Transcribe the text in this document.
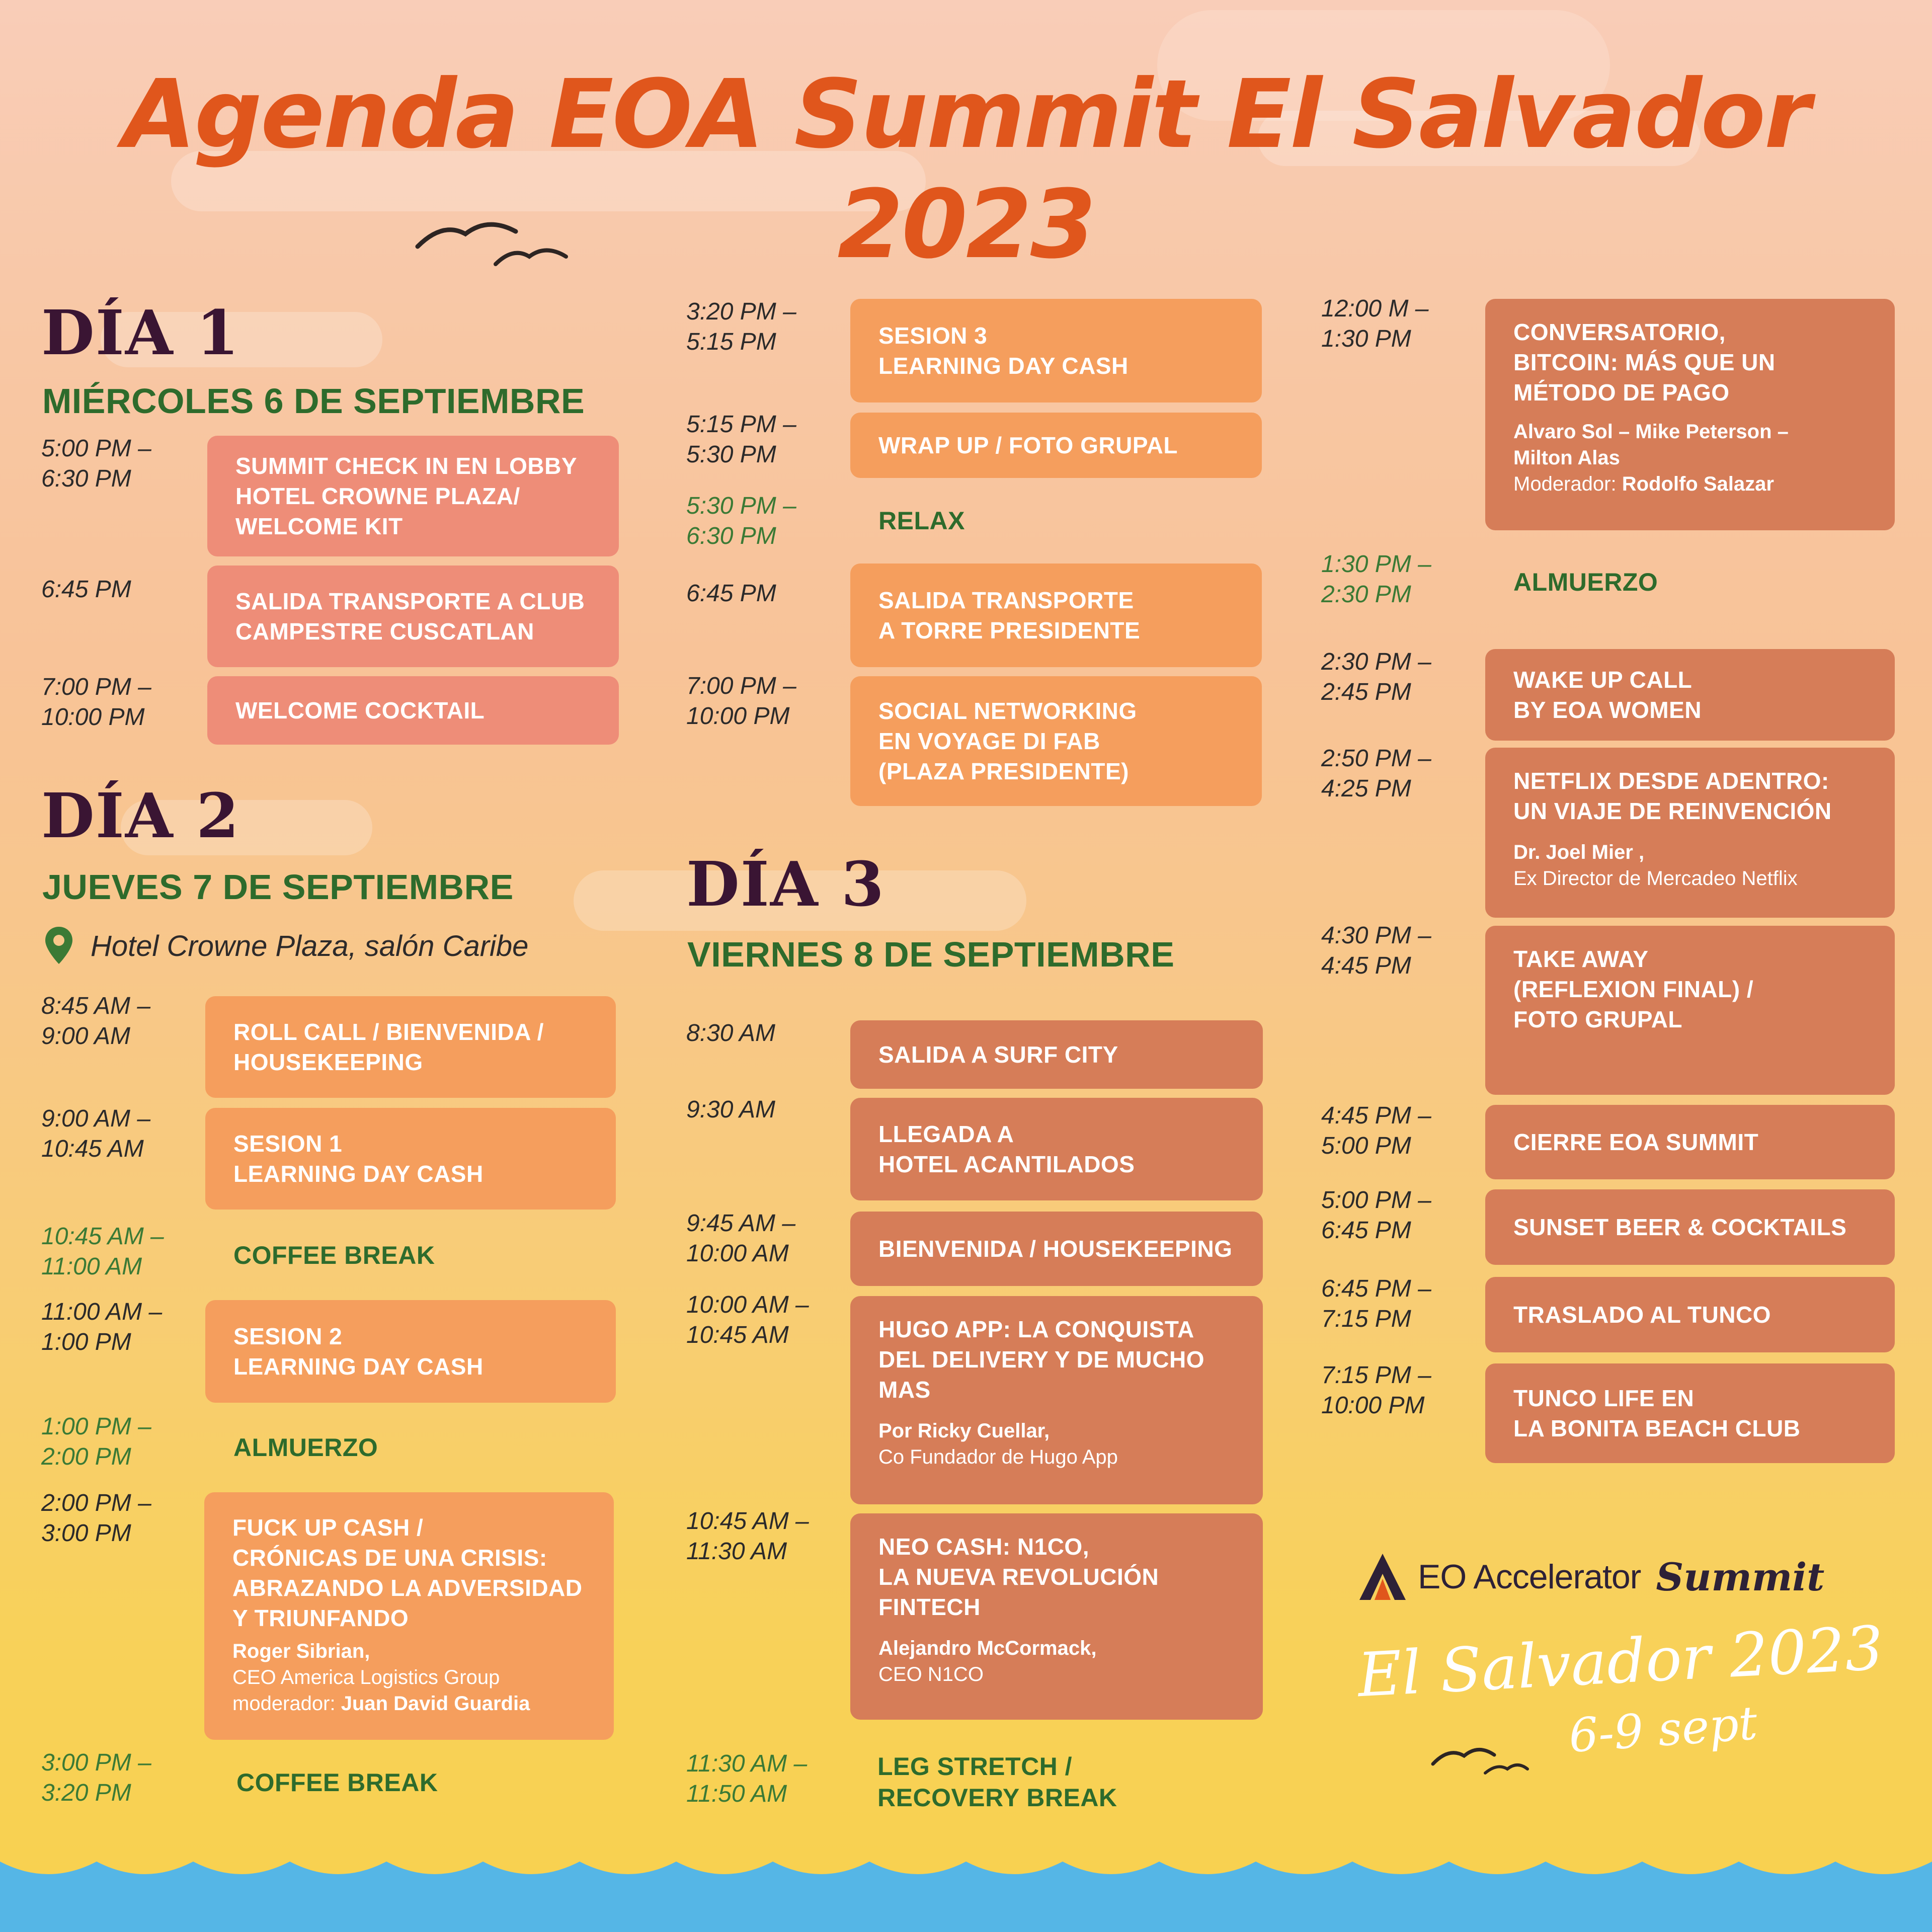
Agenda EOA Summit El Salvador 2023
DÍA 1
MIÉRCOLES 6 DE SEPTIEMBRE
5:00 PM –
6:30 PM	SUMMIT CHECK IN EN LOBBY
HOTEL CROWNE PLAZA/
WELCOME KIT
6:45 PM	SALIDA TRANSPORTE A CLUB
CAMPESTRE CUSCATLAN
7:00 PM –
10:00 PM	WELCOME COCKTAIL
DÍA 2
JUEVES 7 DE SEPTIEMBRE
Hotel Crowne Plaza, salón Caribe
8:45 AM –
9:00 AM	ROLL CALL / BIENVENIDA /
HOUSEKEEPING
9:00 AM –
10:45 AM	SESION 1
LEARNING DAY CASH
10:45 AM –
11:00 AM	COFFEE BREAK
11:00 AM –
1:00 PM	SESION 2
LEARNING DAY CASH
1:00 PM –
2:00 PM	ALMUERZO
2:00 PM –
3:00 PM	FUCK UP CASH /
CRÓNICAS DE UNA CRISIS:
ABRAZANDO LA ADVERSIDAD
Y TRIUNFANDO
Roger Sibrian,
CEO America Logistics Group
moderador: Juan David Guardia
3:00 PM –
3:20 PM	COFFEE BREAK
3:20 PM –
5:15 PM	SESION 3
LEARNING DAY CASH
5:15 PM –
5:30 PM	WRAP UP / FOTO GRUPAL
5:30 PM –
6:30 PM
RELAX
6:45 PM	SALIDA TRANSPORTE
A TORRE PRESIDENTE
7:00 PM –
10:00 PM	SOCIAL NETWORKING
EN VOYAGE DI FAB
(PLAZA PRESIDENTE)
DÍA 3
VIERNES 8 DE SEPTIEMBRE
8:30 AM
SALIDA A SURF CITY
9:30 AM
LLEGADA A
HOTEL ACANTILADOS
9:45 AM –
10:00 AM	BIENVENIDA / HOUSEKEEPING
10:00 AM –
10:45 AM	HUGO APP: LA CONQUISTA
DEL DELIVERY Y DE MUCHO
MAS
Por Ricky Cuellar,
Co Fundador de Hugo App
10:45 AM –
11:30 AM	NEO CASH: N1CO,
LA NUEVA REVOLUCIÓN
FINTECH
Alejandro McCormack,
CEO N1CO
11:30 AM –
11:50 AM
LEG STRETCH /
RECOVERY BREAK
12:00 M –
1:30 PM	CONVERSATORIO,
BITCOIN: MÁS QUE UN
MÉTODO DE PAGO
Alvaro Sol – Mike Peterson –
Milton Alas
Moderador: Rodolfo Salazar
1:30 PM –
2:30 PM	ALMUERZO
2:30 PM –
2:45 PM	WAKE UP CALL
BY EOA WOMEN
2:50 PM –
4:25 PM	NETFLIX DESDE ADENTRO:
UN VIAJE DE REINVENCIÓN
Dr. Joel Mier ,
Ex Director de Mercadeo Netflix
4:30 PM –
4:45 PM	TAKE AWAY
(REFLEXION FINAL) /
FOTO GRUPAL
4:45 PM –
5:00 PM	CIERRE EOA SUMMIT
5:00 PM –
6:45 PM	SUNSET BEER & COCKTAILS
6:45 PM –
7:15 PM	TRASLADO AL TUNCO
7:15 PM –
10:00 PM	TUNCO LIFE EN
LA BONITA BEACH CLUB
EO Accelerator Summit
El Salvador 2023
6-9 sept
